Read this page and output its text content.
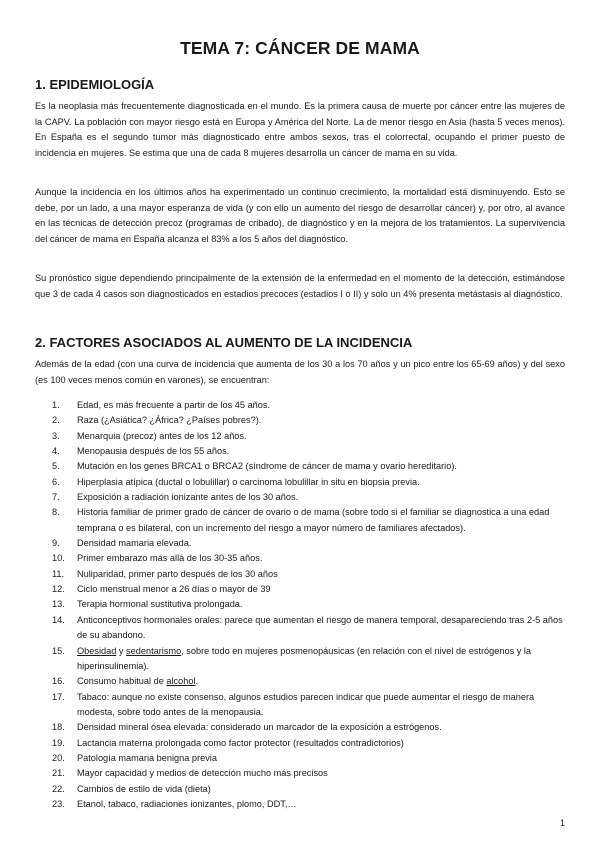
TEMA 7: CÁNCER DE MAMA
1. EPIDEMIOLOGÍA

Es la neoplasia más frecuentemente diagnosticada en el mundo. Es la primera causa de muerte por cáncer entre las mujeres de la CAPV. La población con mayor riesgo está en Europa y América del Norte. La de menor riesgo en Asia (hasta 5 veces menos). En España es el segundo tumor más diagnosticado entre ambos sexos, tras el colorrectal, ocupando el primer puesto de incidencia en mujeres. Se estima que una de cada 8 mujeres desarrolla un cáncer de mama en su vida.

Aunque la incidencia en los últimos años ha experimentado un continuo crecimiento, la mortalidad está disminuyendo. Esto se debe, por un lado, a una mayor esperanza de vida (y con ello un aumento del riesgo de desarrollar cáncer) y, por otro, al avance en las técnicas de detección precoz (programas de cribado), de diagnóstico y en la mejora de los tratamientos. La supervivencia del cáncer de mama en España alcanza el 83% a los 5 años del diagnóstico.

Su pronóstico sigue dependiendo principalmente de la extensión de la enfermedad en el momento de la detección, estimándose que 3 de cada 4 casos son diagnosticados en estadios precoces (estadios I o II) y solo un 4% presenta metástasis al diagnóstico.

2. FACTORES ASOCIADOS AL AUMENTO DE LA INCIDENCIA

Además de la edad (con una curva de incidencia que aumenta de los 30 a los 70 años y un pico entre los 65-69 años) y del sexo (es 100 veces menos común en varones), se encuentran:

1.	Edad, es más frecuente a partir de los 45 años.
2.	Raza (¿Asiática? ¿África? ¿Países pobres?).
3.	Menarquia (precoz) antes de los 12 años.
4.	Menopausia después de los 55 años.
5.	Mutación en los genes BRCA1 o BRCA2 (síndrome de cáncer de mama y ovario hereditario).
6.	Hiperplasia atípica (ductal o lobulillar) o carcinoma lobulillar in situ en biopsia previa.
7.	Exposición a radiación ionizante antes de los 30 años.
8.	Historia familiar de primer grado de cáncer de ovario o de mama (sobre todo si el familiar se diagnostica a una edad temprana o es bilateral, con un incremento del riesgo a mayor número de familiares afectados).
9.	Densidad mamaria elevada.
10.	Primer embarazo más allá de los 30-35 años.
11.	Nuliparidad, primer parto después de los 30 años
12.	Ciclo menstrual menor a 26 días o mayor de 39
13.	Terapia hormonal sustitutiva prolongada.
14.	Anticonceptivos hormonales orales: parece que aumentan el riesgo de manera temporal, desapareciendo tras 2-5 años de su abandono.
15.	Obesidad y sedentarismo, sobre todo en mujeres posmenopáusicas (en relación con el nivel de estrógenos y la hiperinsulinemia).
16.	Consumo habitual de alcohol.
17.	Tabaco: aunque no existe consenso, algunos estudios parecen indicar que puede aumentar el riesgo de manera modesta, sobre todo antes de la menopausia.
18.	Densidad mineral ósea elevada: considerado un marcador de la exposición a estrógenos.
19.	Lactancia materna prolongada como factor protector (resultados contradictorios)
20.	Patología mamaria benigna previa
21.	Mayor capacidad y medios de detección mucho más precisos
22.	Cambios de estilo de vida (dieta)
23.	Etanol, tabaco, radiaciones ionizantes, plomo, DDT,…
1
